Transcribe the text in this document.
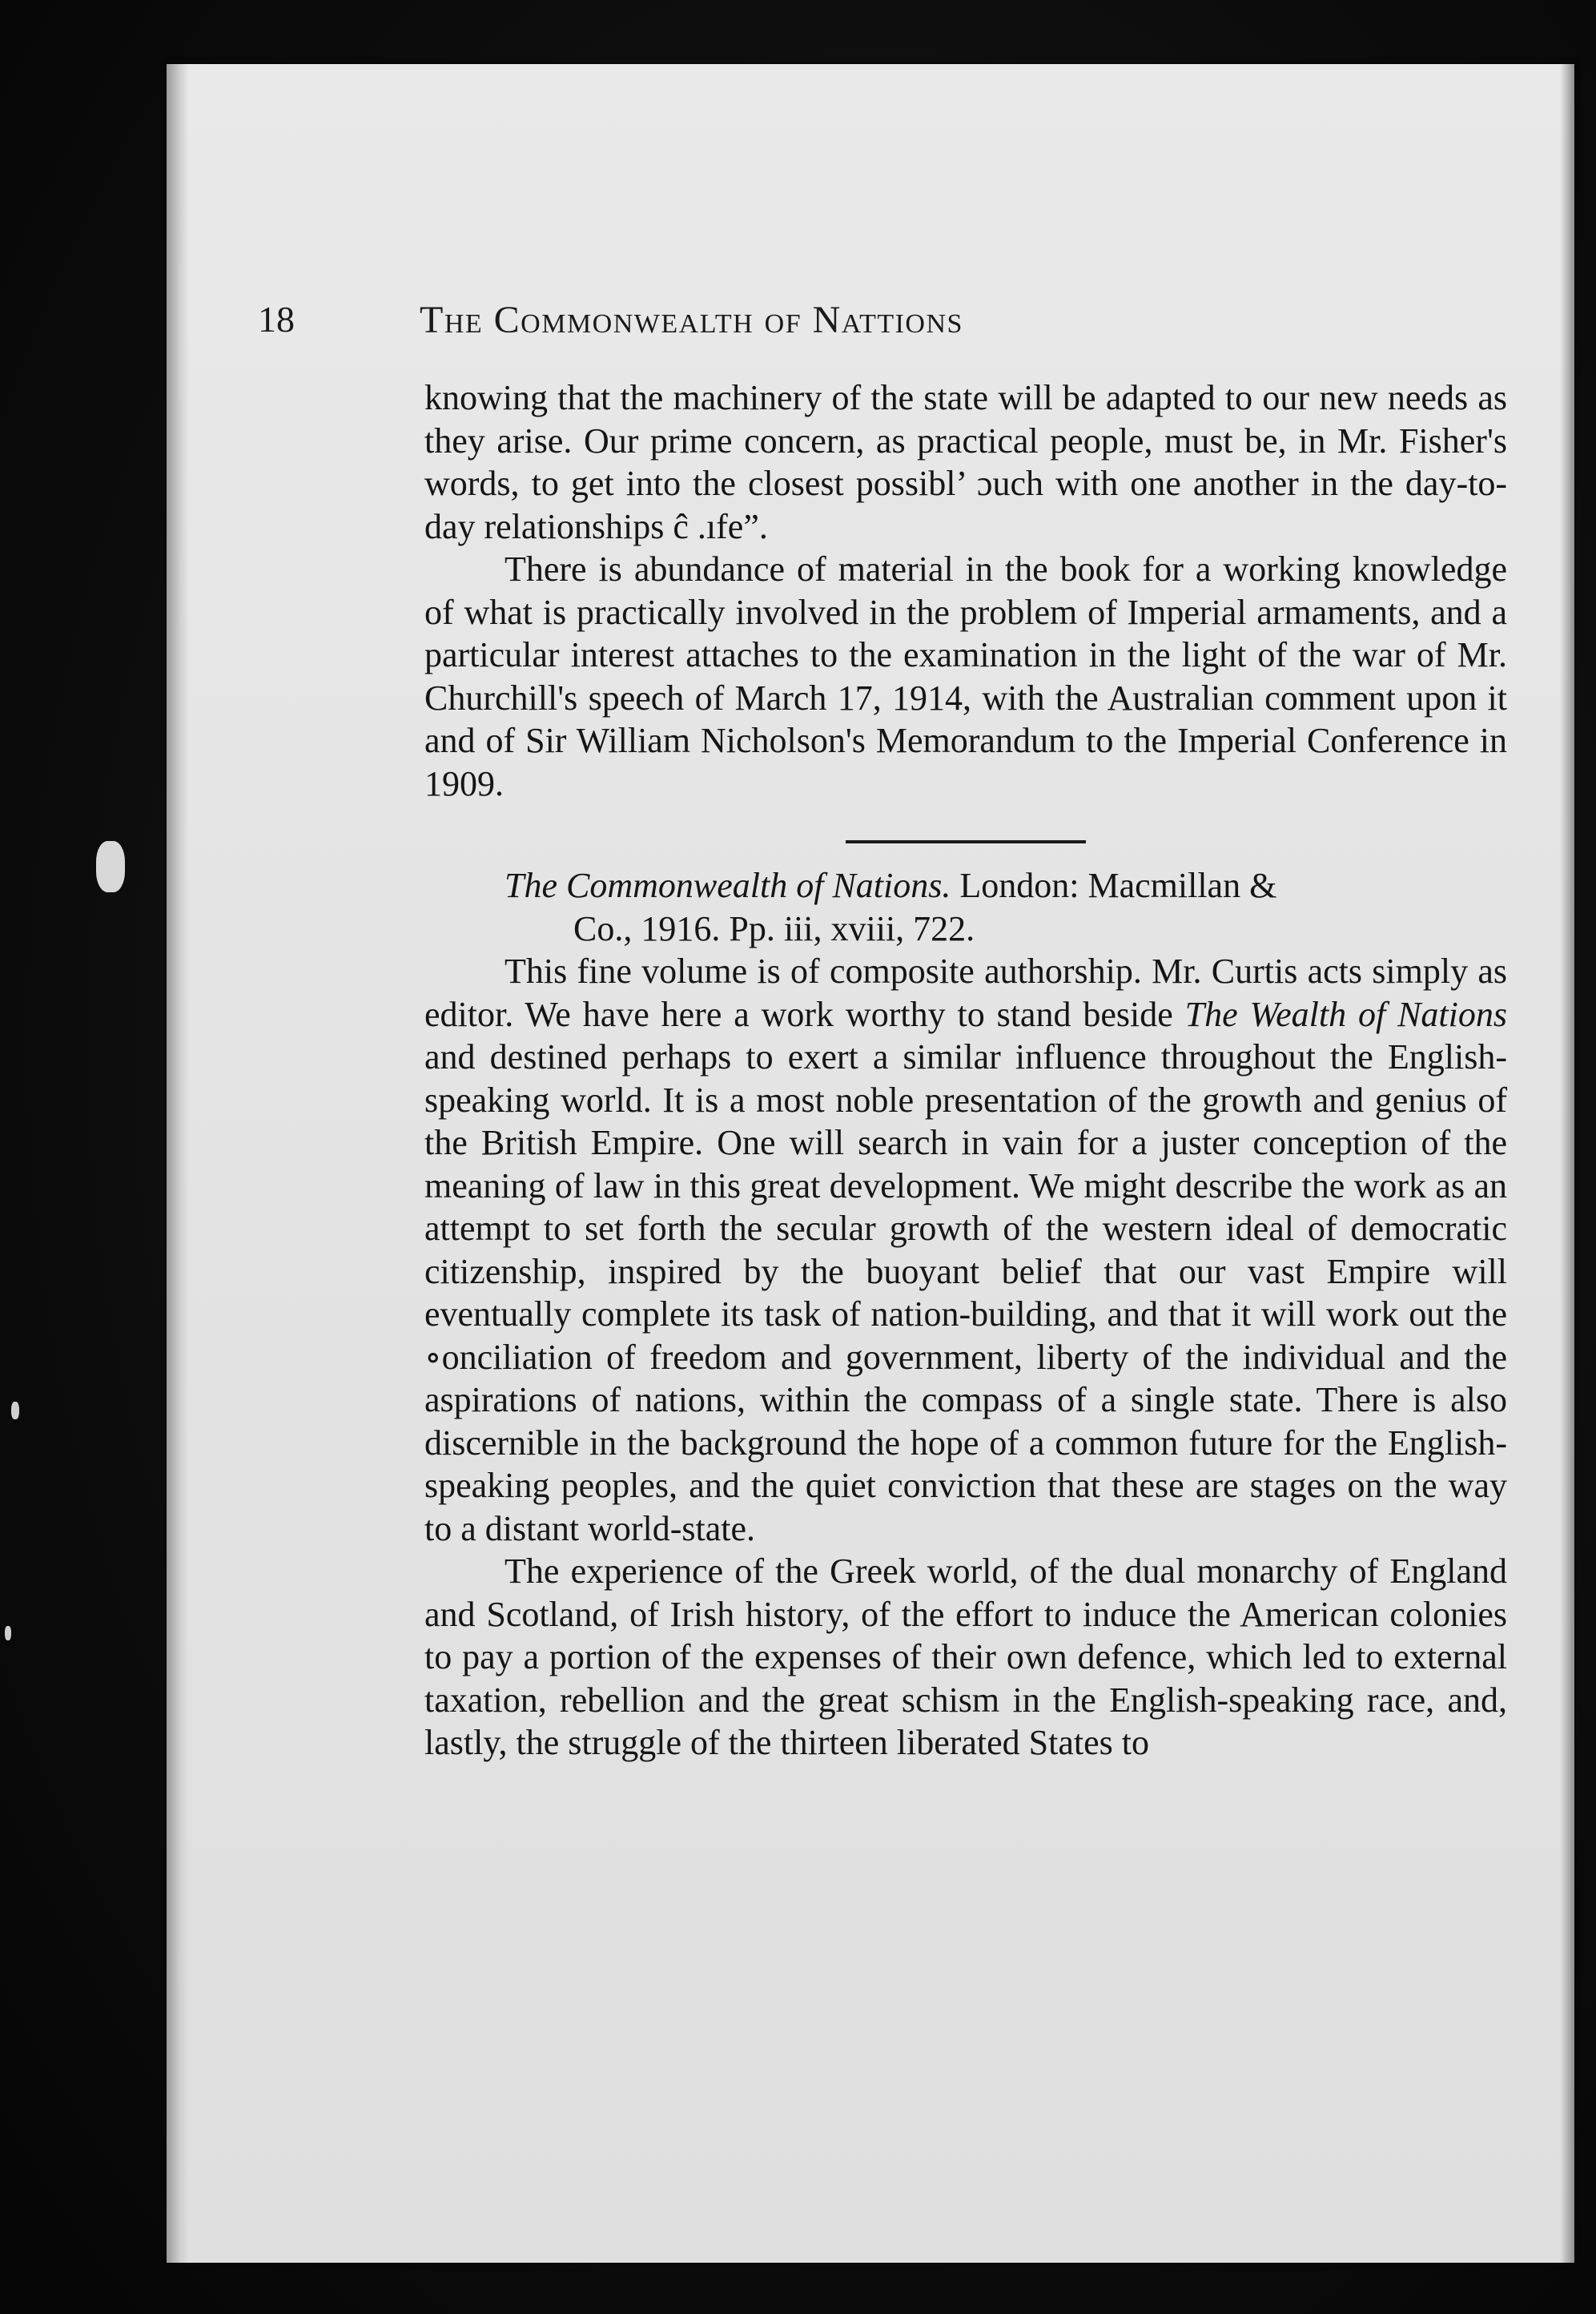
18	The Commonwealth of Nattions

knowing that the machinery of the state will be adapted to our new needs as they arise. Our prime concern, as practical people, must be, in Mr. Fisher's words, to get into the closest possibl’ ɔuch with one another in the day-to-day relationships ĉ .ıfe”.

There is abundance of material in the book for a working knowledge of what is practically involved in the problem of Imperial armaments, and a particular interest attaches to the examination in the light of the war of Mr. Churchill's speech of March 17, 1914, with the Australian comment upon it and of Sir William Nicholson's Memorandum to the Imperial Conference in 1909.

The Commonwealth of Nations. London: Macmillan &
Co., 1916. Pp. iii, xviii, 722.

This fine volume is of composite authorship. Mr. Curtis acts simply as editor. We have here a work worthy to stand beside The Wealth of Nations and destined perhaps to exert a similar influence throughout the English-speaking world. It is a most noble presentation of the growth and genius of the British Empire. One will search in vain for a juster conception of the meaning of law in this great development. We might describe the work as an attempt to set forth the secular growth of the western ideal of democratic citizenship, inspired by the buoyant belief that our vast Empire will eventually complete its task of nation-building, and that it will work out the ∘onciliation of freedom and government, liberty of the individual and the aspirations of nations, within the compass of a single state. There is also discernible in the background the hope of a common future for the English-speaking peoples, and the quiet conviction that these are stages on the way to a distant world-state.

The experience of the Greek world, of the dual monarchy of England and Scotland, of Irish history, of the effort to induce the American colonies to pay a portion of the expenses of their own defence, which led to external taxation, rebellion and the great schism in the English-speaking race, and, lastly, the struggle of the thirteen liberated States to
